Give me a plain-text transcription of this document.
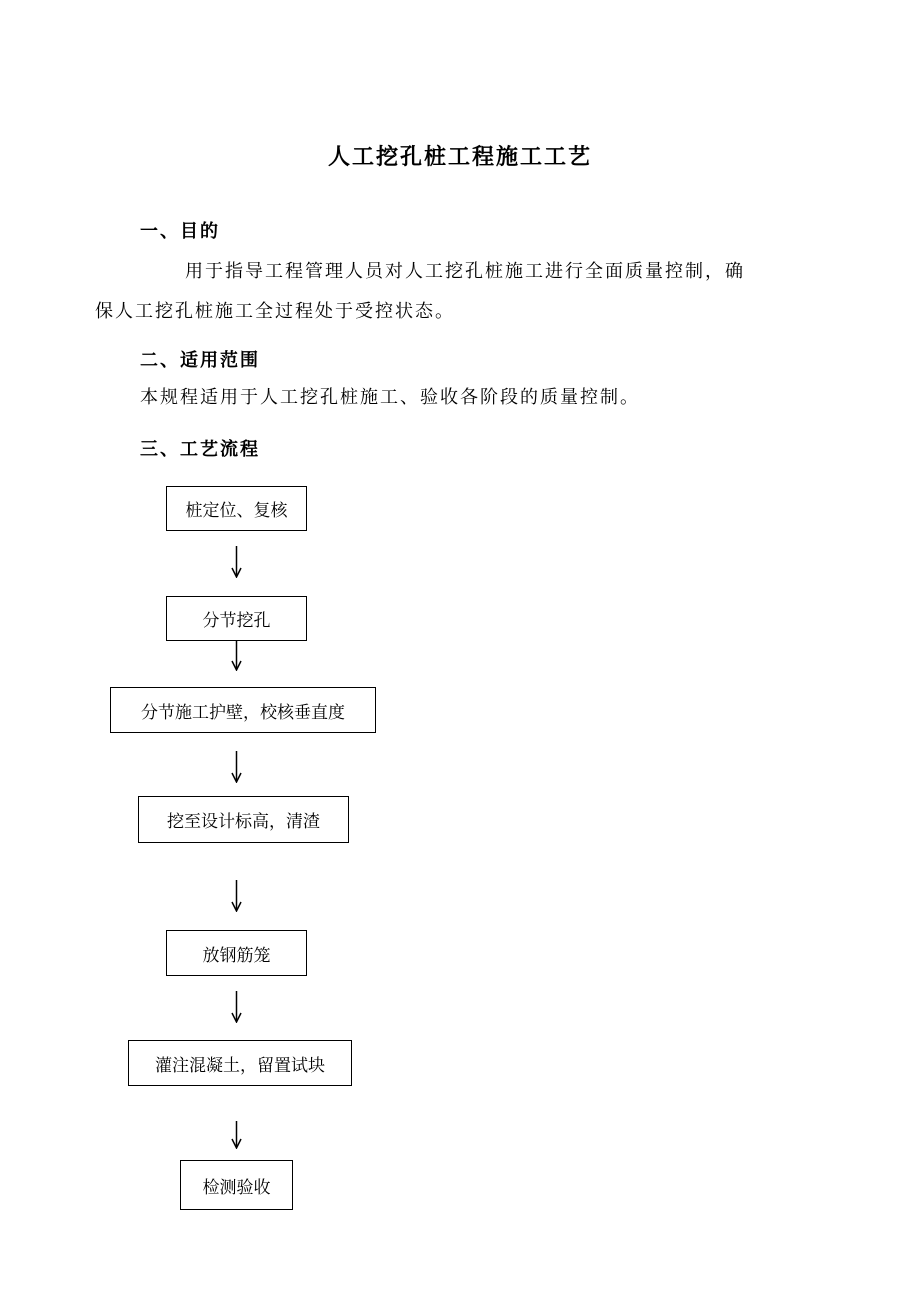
人工挖孔桩工程施工工艺
一、目的
用于指导工程管理人员对人工挖孔桩施工进行全面质量控制，确
保人工挖孔桩施工全过程处于受控状态。
二、适用范围
本规程适用于人工挖孔桩施工、验收各阶段的质量控制。
三、工艺流程
桩定位、复核
分节挖孔
分节施工护壁，校核垂直度
挖至设计标高，清渣
放钢筋笼
灌注混凝土，留置试块
检测验收
